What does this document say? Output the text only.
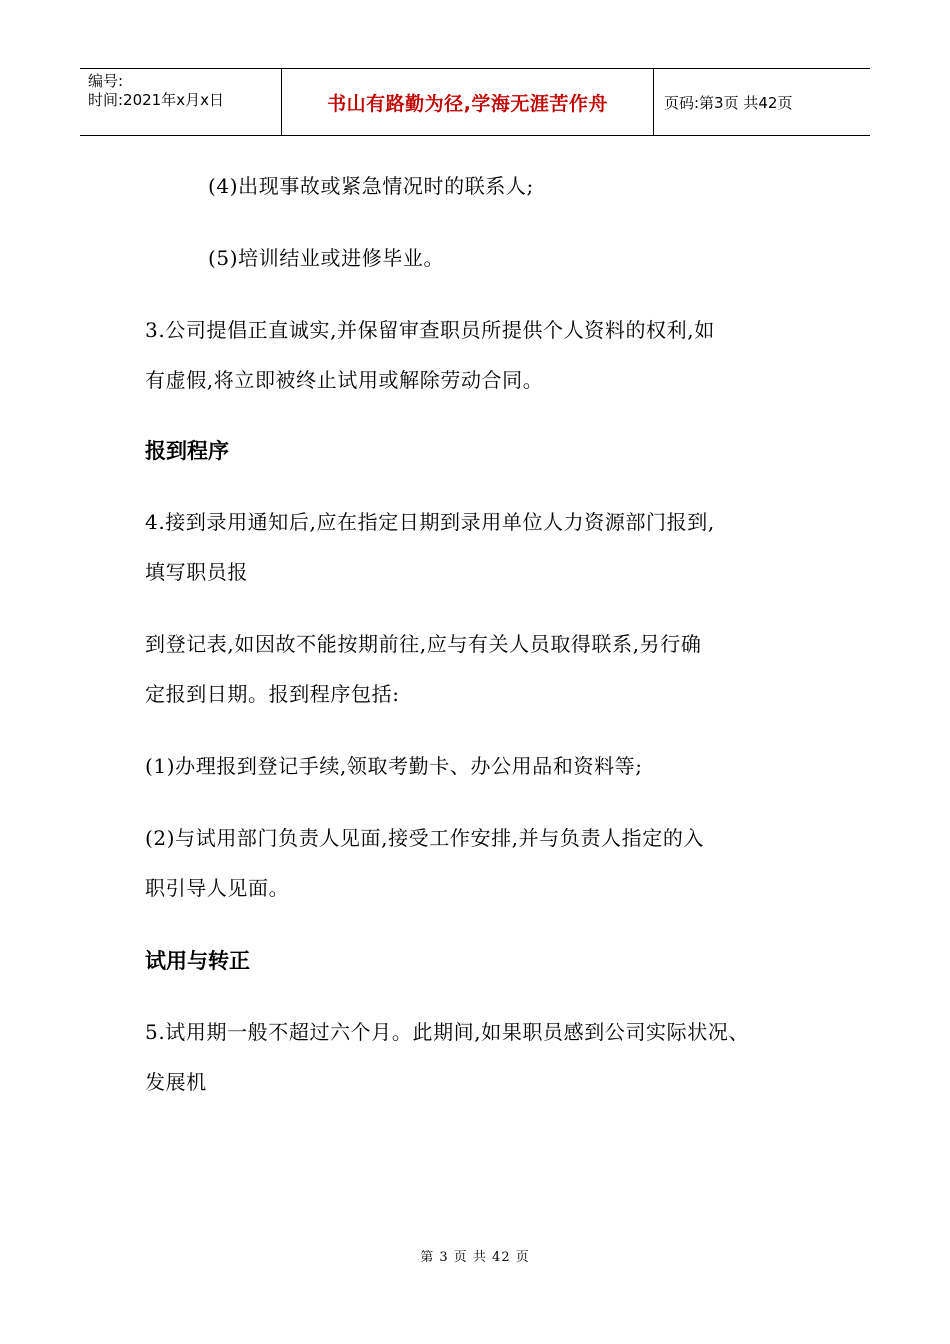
编号:
时间:2021年x月x日	书山有路勤为径,学海无涯苦作舟	页码:第3页 共42页
(4)出现事故或紧急情况时的联系人;
(5)培训结业或进修毕业。
3.公司提倡正直诚实,并保留审查职员所提供个人资料的权利,如
有虚假,将立即被终止试用或解除劳动合同。
报到程序
4.接到录用通知后,应在指定日期到录用单位人力资源部门报到,
填写职员报
到登记表,如因故不能按期前往,应与有关人员取得联系,另行确
定报到日期。报到程序包括:
(1)办理报到登记手续,领取考勤卡、办公用品和资料等;
(2)与试用部门负责人见面,接受工作安排,并与负责人指定的入
职引导人见面。
试用与转正
5.试用期一般不超过六个月。此期间,如果职员感到公司实际状况、
发展机
第 3 页 共 42 页
